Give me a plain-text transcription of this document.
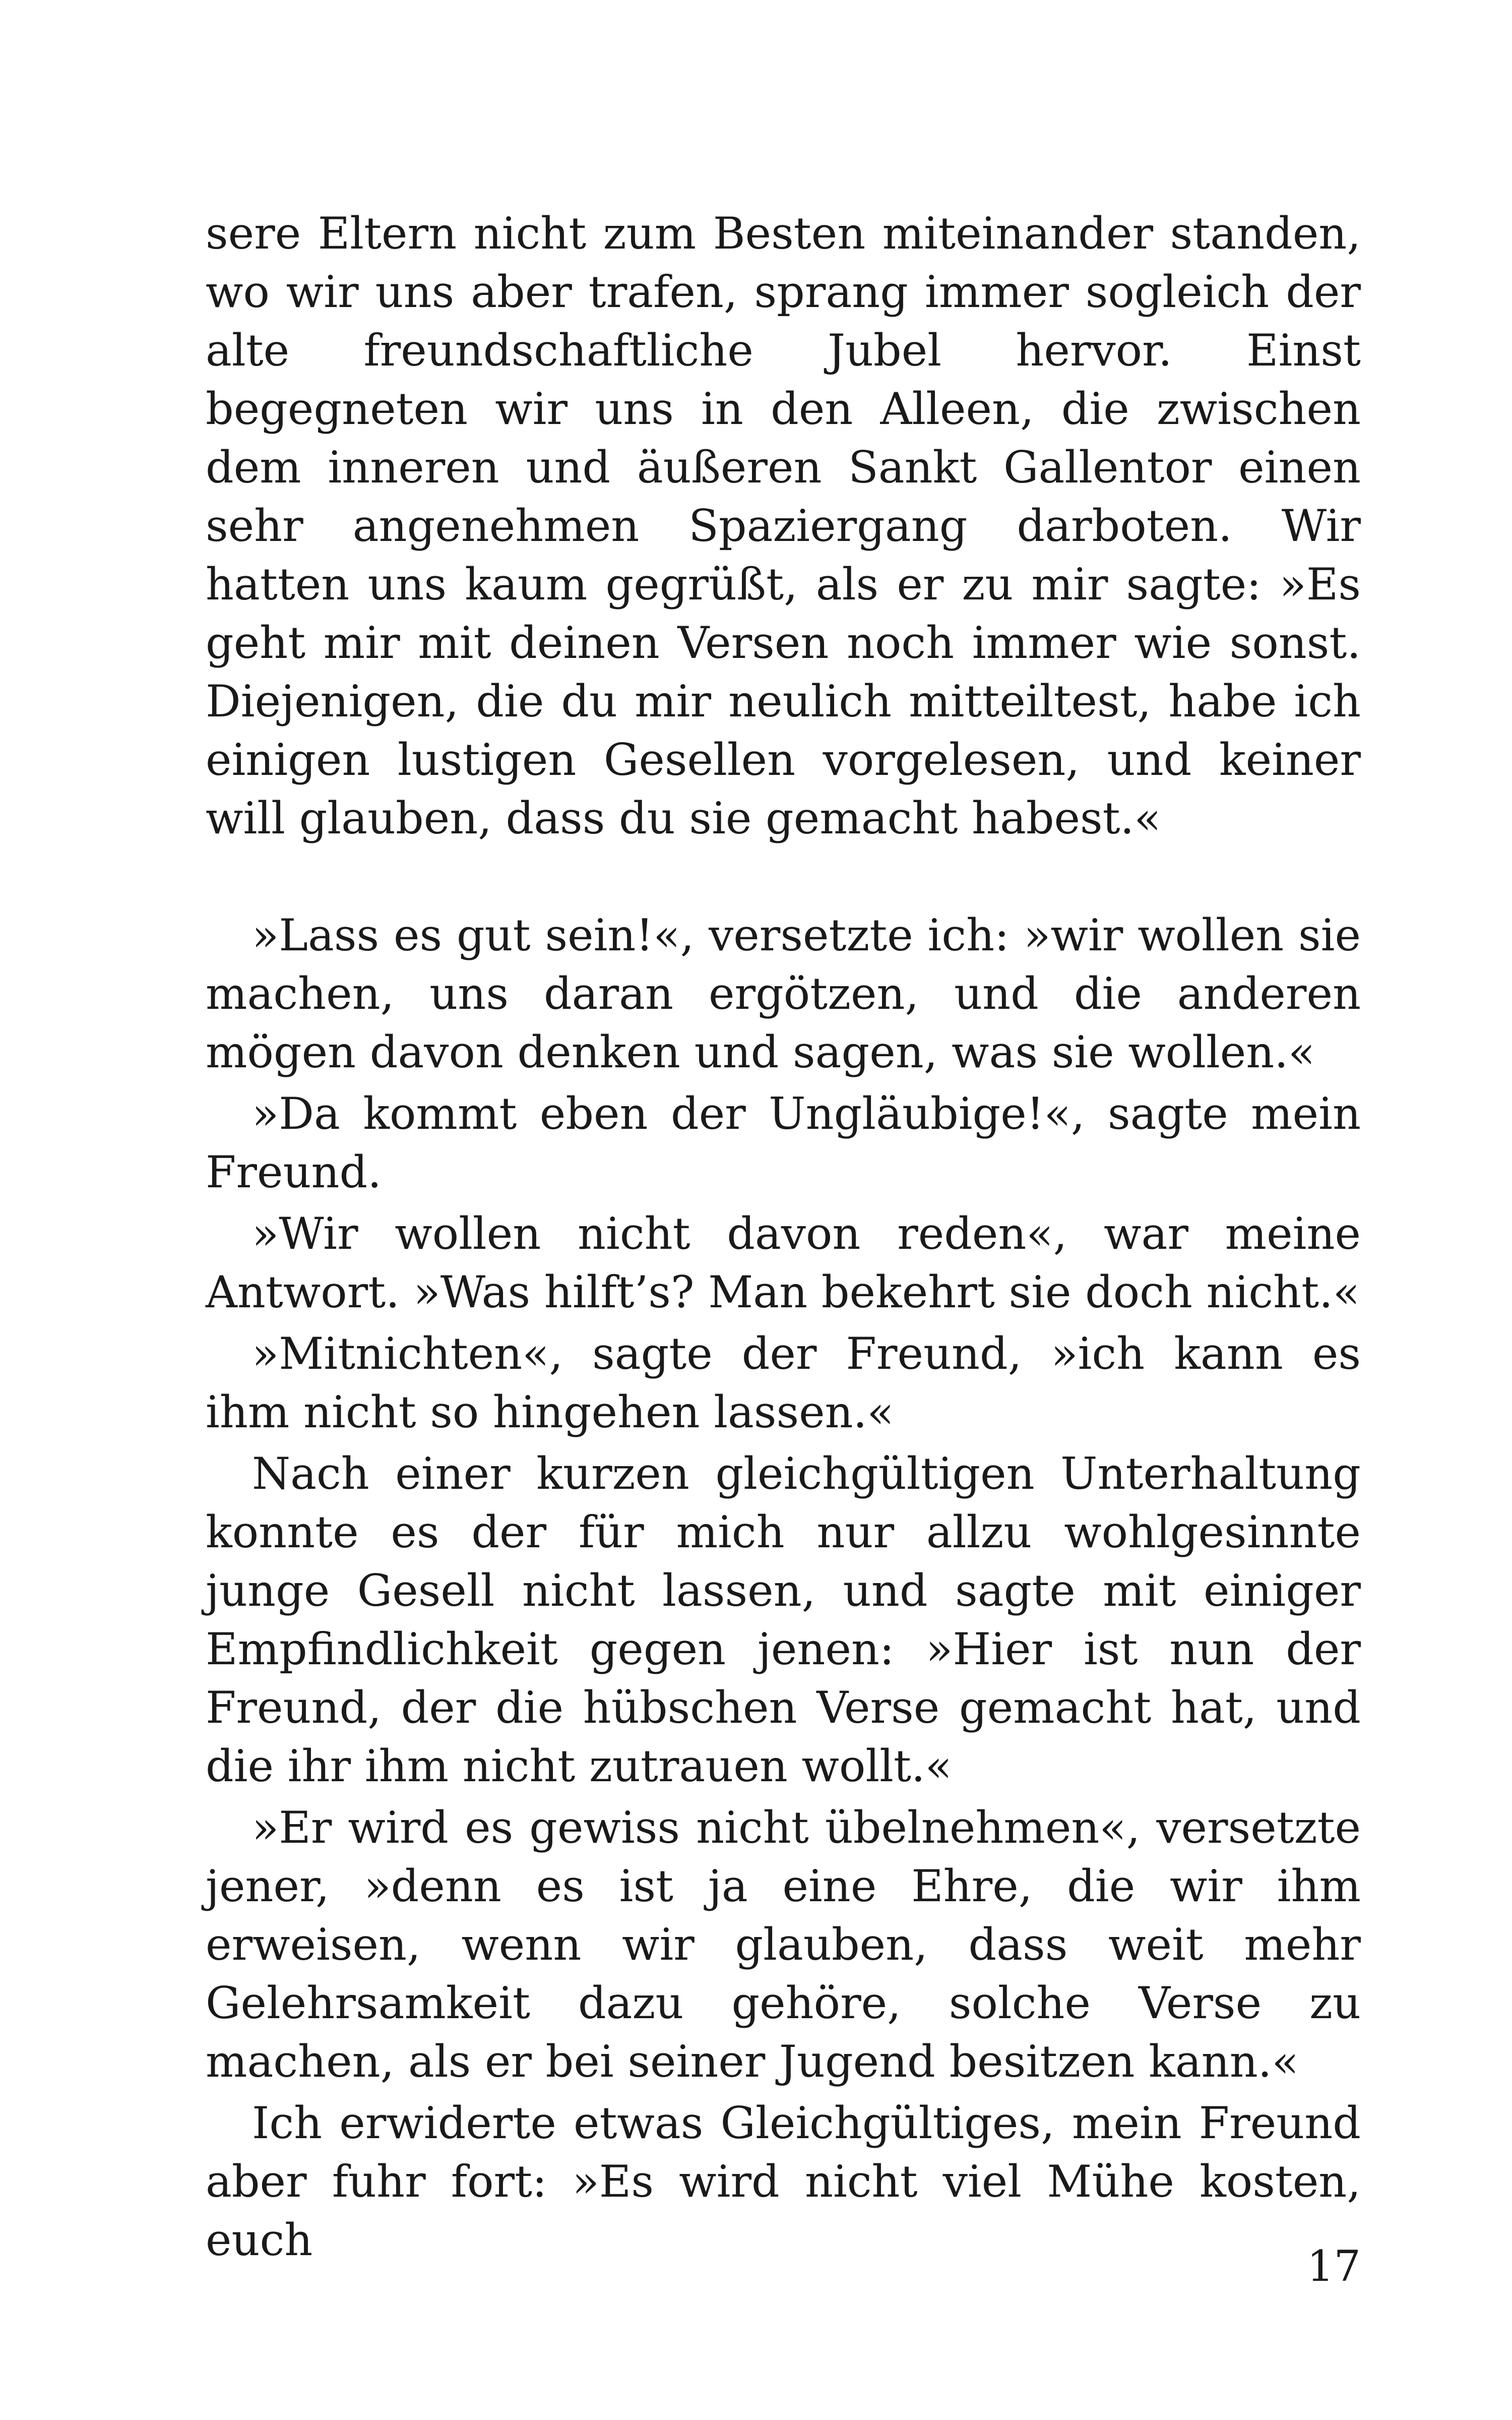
sere Eltern nicht zum Besten miteinander standen, wo wir uns aber trafen, sprang immer sogleich der alte freundschaftliche Jubel hervor. Einst begegneten wir uns in den Alleen, die zwischen dem inneren und äußeren Sankt Gallentor einen sehr angenehmen Spaziergang darboten. Wir hatten uns kaum gegrüßt, als er zu mir sagte: »Es geht mir mit deinen Versen noch immer wie sonst. Diejenigen, die du mir neulich mitteiltest, habe ich einigen lustigen Gesellen vorgelesen, und keiner will glauben, dass du sie gemacht habest.«

»Lass es gut sein!«, versetzte ich: »wir wollen sie machen, uns daran ergötzen, und die anderen mögen davon denken und sagen, was sie wollen.«

»Da kommt eben der Ungläubige!«, sagte mein Freund.

»Wir wollen nicht davon reden«, war meine Antwort. »Was hilft’s? Man bekehrt sie doch nicht.«

»Mitnichten«, sagte der Freund, »ich kann es ihm nicht so hingehen lassen.«

Nach einer kurzen gleichgültigen Unterhaltung konnte es der für mich nur allzu wohlgesinnte junge Gesell nicht lassen, und sagte mit einiger Empfindlichkeit gegen jenen: »Hier ist nun der Freund, der die hübschen Verse gemacht hat, und die ihr ihm nicht zutrauen wollt.«

»Er wird es gewiss nicht übelnehmen«, versetzte jener, »denn es ist ja eine Ehre, die wir ihm erweisen, wenn wir glauben, dass weit mehr Gelehrsamkeit dazu gehöre, solche Verse zu machen, als er bei seiner Jugend besitzen kann.«

Ich erwiderte etwas Gleichgültiges, mein Freund aber fuhr fort: »Es wird nicht viel Mühe kosten, euch

17
